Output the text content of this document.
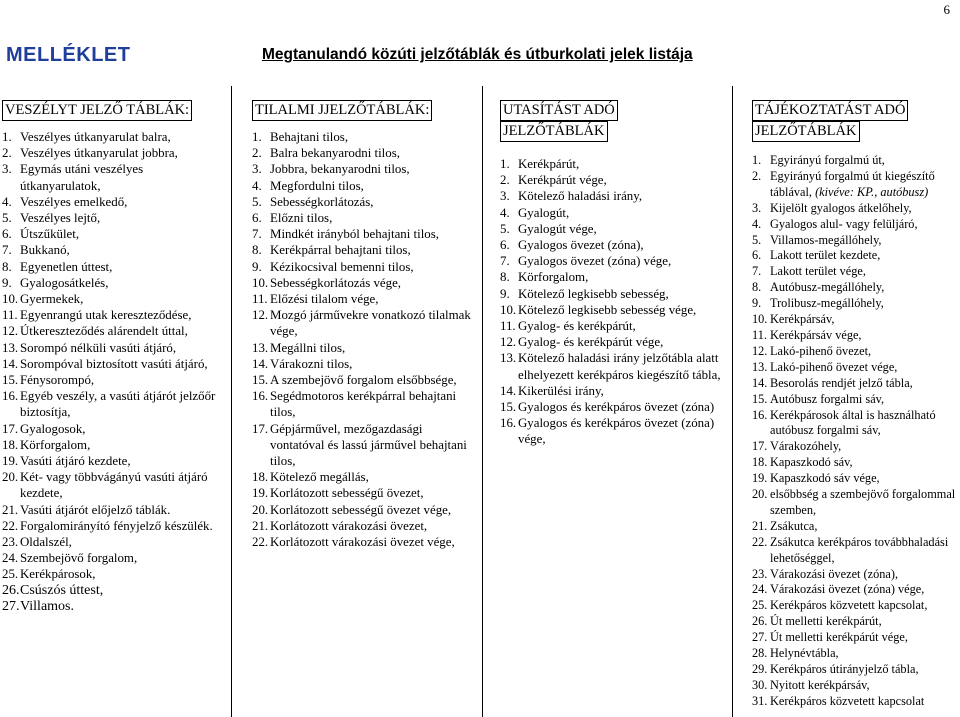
6
MELLÉKLET	Megtanulandó közúti jelzőtáblák és útburkolati jelek listája
VESZÉLYT JELZŐ TÁBLÁK:
1. Veszélyes útkanyarulat balra,
2. Veszélyes útkanyarulat jobbra,
3. Egymás utáni veszélyes útkanyarulatok,
4. Veszélyes emelkedő,
5. Veszélyes lejtő,
6. Útszűkület,
7. Bukkanó,
8. Egyenetlen úttest,
9. Gyalogosátkelés,
10. Gyermekek,
11. Egyenrangú utak kereszteződése,
12. Útkereszteződés alárendelt úttal,
13. Sorompó nélküli vasúti átjáró,
14. Sorompóval biztosított vasúti átjáró,
15. Fénysorompó,
16. Egyéb veszély, a vasúti átjárót jelzőőr biztosítja,
17. Gyalogosok,
18. Körforgalom,
19. Vasúti átjáró kezdete,
20. Két- vagy többvágányú vasúti átjáró kezdete,
21. Vasúti átjárót előjelző táblák.
22. Forgalomirányító fényjelző készülék.
23. Oldalszél,
24. Szembejövő forgalom,
25. Kerékpárosok,
26. Csúszós úttest,
27. Villamos.
TILALMI JJELZŐTÁBLÁK:
1. Behajtani tilos,
2. Balra bekanyarodni tilos,
3. Jobbra, bekanyarodni tilos,
4. Megfordulni tilos,
5. Sebességkorlátozás,
6. Előzni tilos,
7. Mindkét irányból behajtani tilos,
8. Kerékpárral behajtani tilos,
9. Kézikocsival bemenni tilos,
10. Sebességkorlátozás vége,
11. Előzési tilalom vége,
12. Mozgó járművekre vonatkozó tilalmak vége,
13. Megállni tilos,
14. Várakozni tilos,
15. A szembejövő forgalom elsőbbsége,
16. Segédmotoros kerékpárral behajtani tilos,
17. Gépjárművel, mezőgazdasági vontatóval és lassú járművel behajtani tilos,
18. Kötelező megállás,
19. Korlátozott sebességű övezet,
20. Korlátozott sebességű övezet vége,
21. Korlátozott várakozási övezet,
22. Korlátozott várakozási övezet vége,
UTASÍTÁST ADÓ
JELZŐTÁBLÁK
1. Kerékpárút,
2. Kerékpárút vége,
3. Kötelező haladási irány,
4. Gyalogút,
5. Gyalogút vége,
6. Gyalogos övezet (zóna),
7. Gyalogos övezet (zóna) vége,
8. Körforgalom,
9. Kötelező legkisebb sebesség,
10. Kötelező legkisebb sebesség vége,
11. Gyalog- és kerékpárút,
12. Gyalog- és kerékpárút vége,
13. Kötelező haladási irány jelzőtábla alatt elhelyezett kerékpáros kiegészítő tábla,
14. Kikerülési irány,
15. Gyalogos és kerékpáros övezet (zóna)
16. Gyalogos és kerékpáros övezet (zóna) vége,
TÁJÉKOZTATÁST ADÓ
JELZŐTÁBLÁK
1. Egyirányú forgalmú út,
2. Egyirányú forgalmú út kiegészítő táblával, (kivéve: KP., autóbusz)
3. Kijelölt gyalogos átkelőhely,
4. Gyalogos alul- vagy felüljáró,
5. Villamos-megállóhely,
6. Lakott terület kezdete,
7. Lakott terület vége,
8. Autóbusz-megállóhely,
9. Trolibusz-megállóhely,
10. Kerékpársáv,
11. Kerékpársáv vége,
12. Lakó-pihenő övezet,
13. Lakó-pihenő övezet vége,
14. Besorolás rendjét jelző tábla,
15. Autóbusz forgalmi sáv,
16. Kerékpárosok által is használható autóbusz forgalmi sáv,
17. Várakozóhely,
18. Kapaszkodó sáv,
19. Kapaszkodó sáv vége,
20. elsőbbség a szembejövő forgalommal szemben,
21. Zsákutca,
22. Zsákutca kerékpáros továbbhaladási lehetőséggel,
23. Várakozási övezet (zóna),
24. Várakozási övezet (zóna) vége,
25. Kerékpáros közvetett kapcsolat,
26. Út melletti kerékpárút,
27. Út melletti kerékpárút vége,
28. Helynévtábla,
29. Kerékpáros útirányjelző tábla,
30. Nyitott kerékpársáv,
31. Kerékpáros közvetett kapcsolat
